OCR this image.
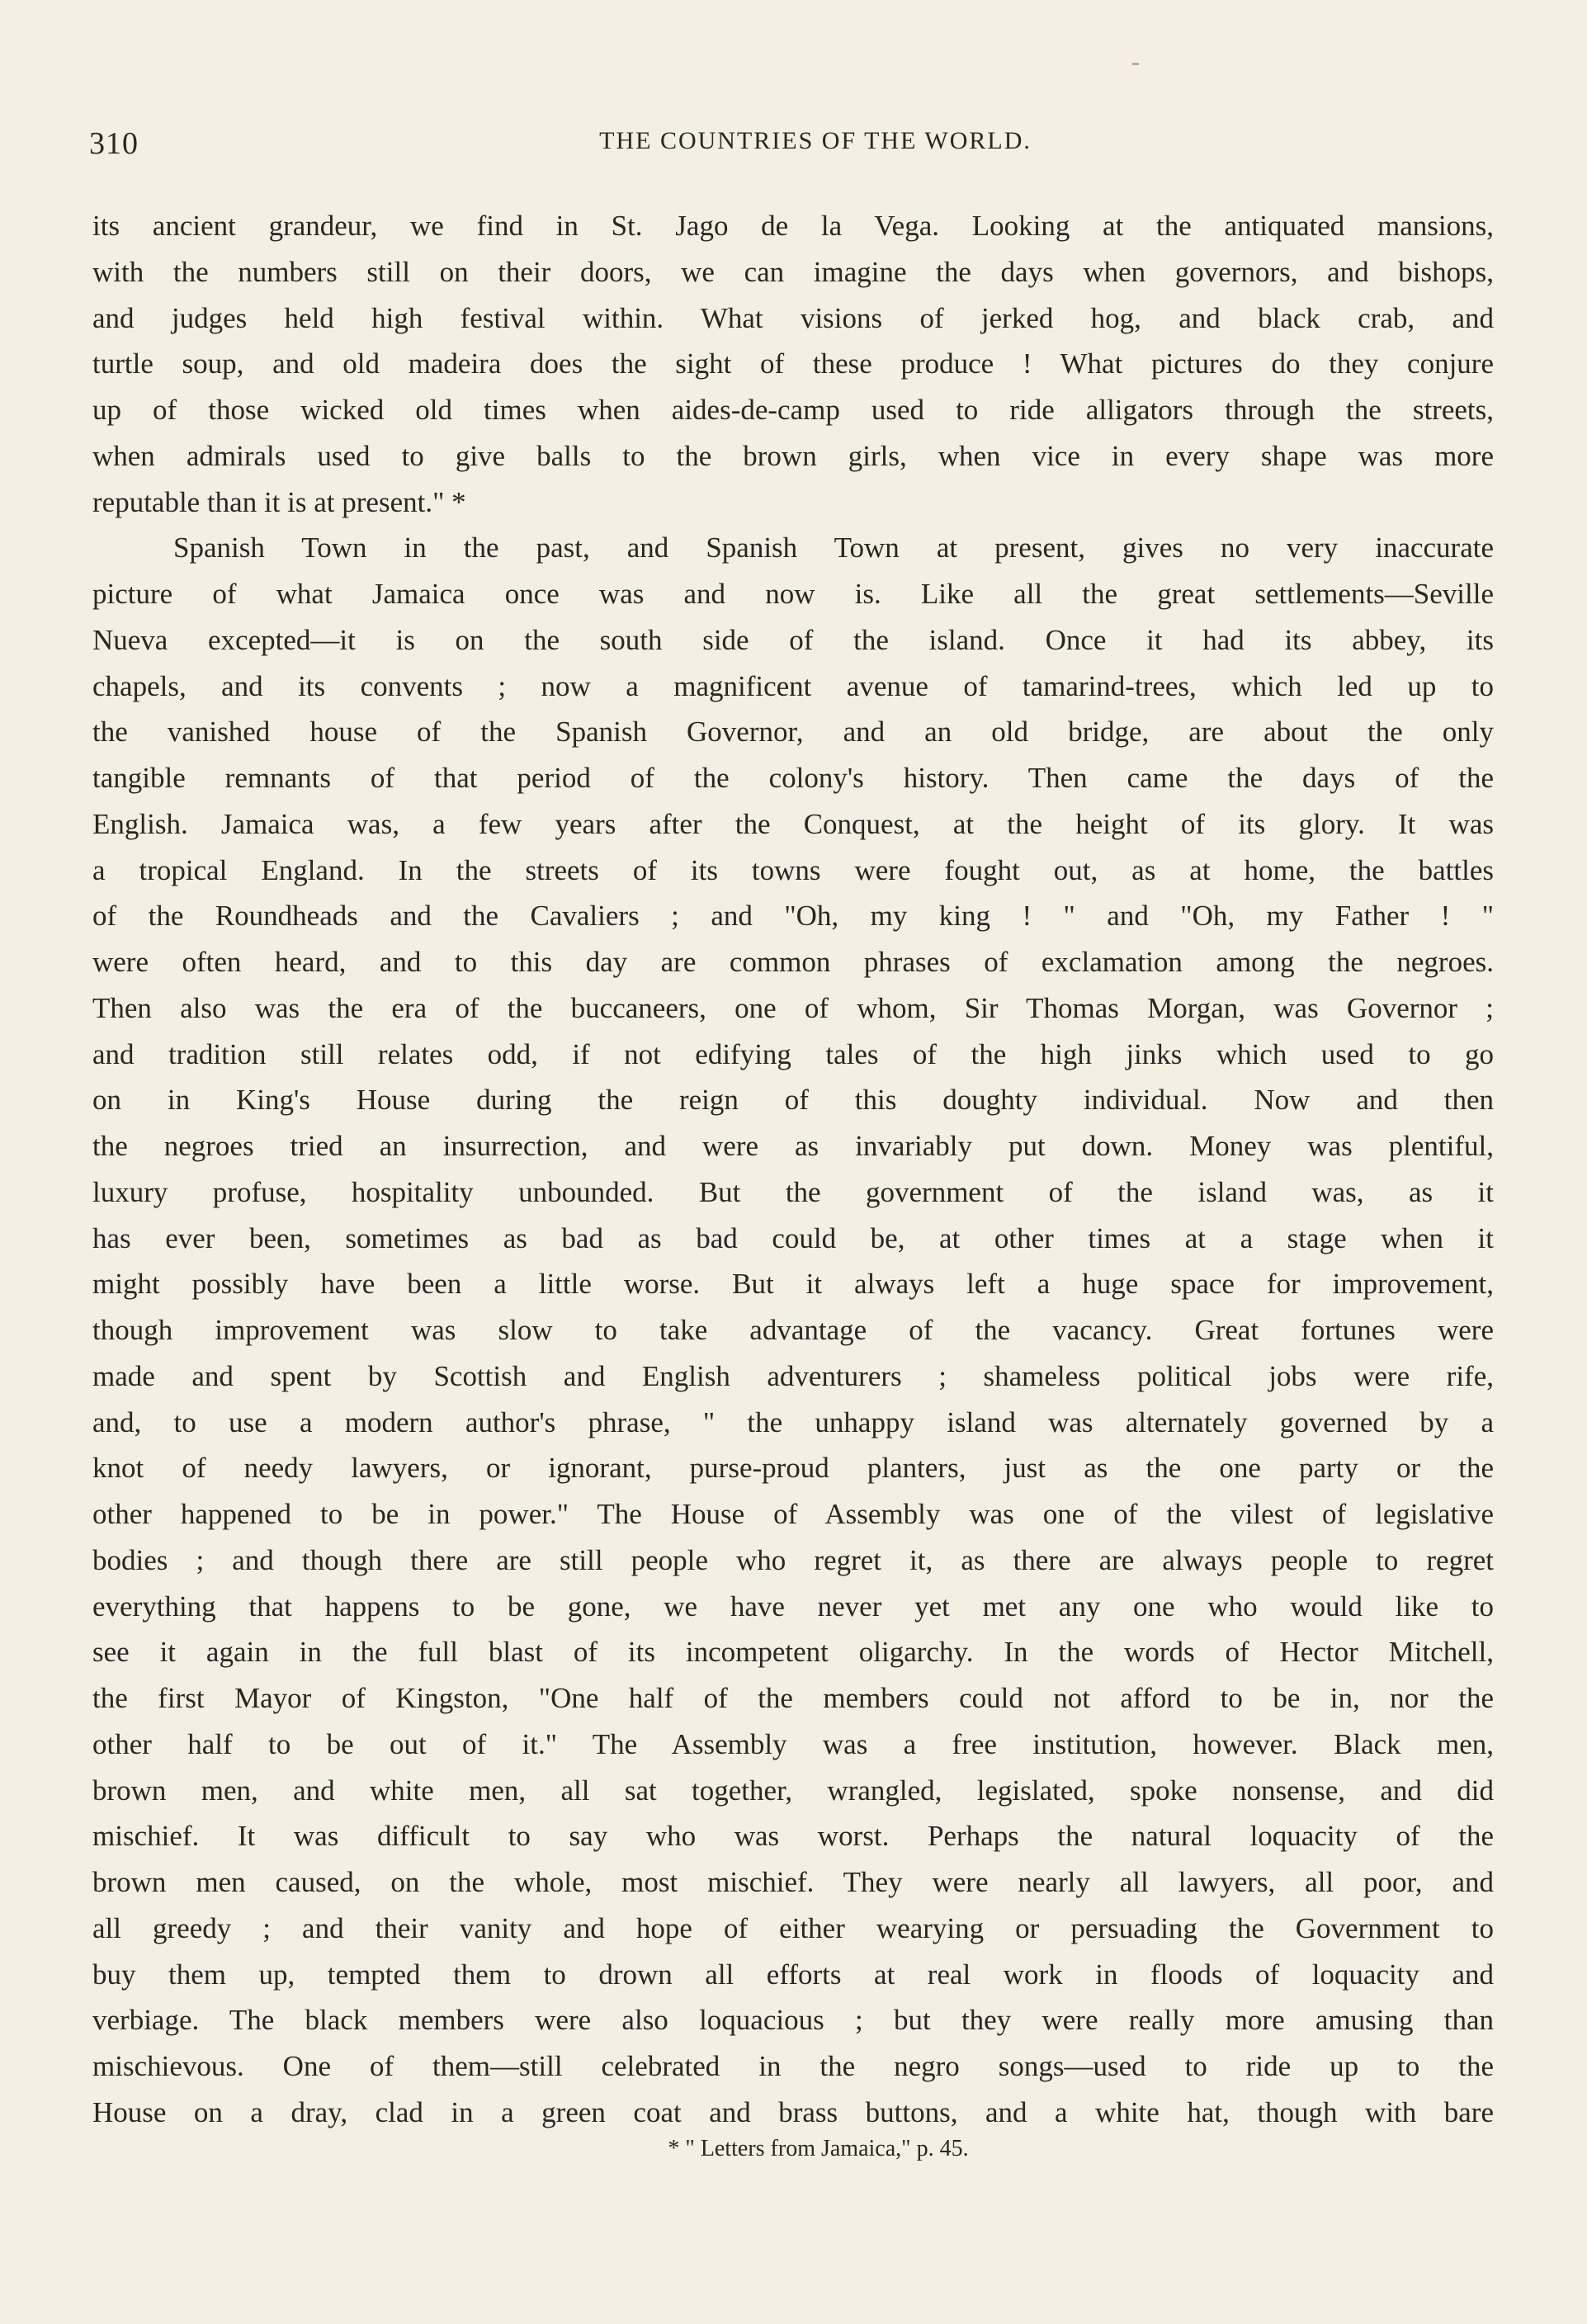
310	THE COUNTRIES OF THE WORLD.
its ancient grandeur, we find in St. Jago de la Vega. Looking at the antiquated mansions,
with the numbers still on their doors, we can imagine the days when governors, and bishops,
and judges held high festival within. What visions of jerked hog, and black crab, and
turtle soup, and old madeira does the sight of these produce ! What pictures do they conjure
up of those wicked old times when aides-de-camp used to ride alligators through the streets,
when admirals used to give balls to the brown girls, when vice in every shape was more
reputable than it is at present." *
Spanish Town in the past, and Spanish Town at present, gives no very inaccurate
picture of what Jamaica once was and now is. Like all the great settlements—Seville
Nueva excepted—it is on the south side of the island. Once it had its abbey, its
chapels, and its convents ; now a magnificent avenue of tamarind-trees, which led up to
the vanished house of the Spanish Governor, and an old bridge, are about the only
tangible remnants of that period of the colony's history. Then came the days of the
English. Jamaica was, a few years after the Conquest, at the height of its glory. It was
a tropical England. In the streets of its towns were fought out, as at home, the battles
of the Roundheads and the Cavaliers ; and "Oh, my king ! " and "Oh, my Father ! "
were often heard, and to this day are common phrases of exclamation among the negroes.
Then also was the era of the buccaneers, one of whom, Sir Thomas Morgan, was Governor ;
and tradition still relates odd, if not edifying tales of the high jinks which used to go
on in King's House during the reign of this doughty individual. Now and then
the negroes tried an insurrection, and were as invariably put down. Money was plentiful,
luxury profuse, hospitality unbounded. But the government of the island was, as it
has ever been, sometimes as bad as bad could be, at other times at a stage when it
might possibly have been a little worse. But it always left a huge space for improvement,
though improvement was slow to take advantage of the vacancy. Great fortunes were
made and spent by Scottish and English adventurers ; shameless political jobs were rife,
and, to use a modern author's phrase, " the unhappy island was alternately governed by a
knot of needy lawyers, or ignorant, purse-proud planters, just as the one party or the
other happened to be in power." The House of Assembly was one of the vilest of legislative
bodies ; and though there are still people who regret it, as there are always people to regret
everything that happens to be gone, we have never yet met any one who would like to
see it again in the full blast of its incompetent oligarchy. In the words of Hector Mitchell,
the first Mayor of Kingston, "One half of the members could not afford to be in, nor the
other half to be out of it." The Assembly was a free institution, however. Black men,
brown men, and white men, all sat together, wrangled, legislated, spoke nonsense, and did
mischief. It was difficult to say who was worst. Perhaps the natural loquacity of the
brown men caused, on the whole, most mischief. They were nearly all lawyers, all poor, and
all greedy ; and their vanity and hope of either wearying or persuading the Government to
buy them up, tempted them to drown all efforts at real work in floods of loquacity and
verbiage. The black members were also loquacious ; but they were really more amusing than
mischievous. One of them—still celebrated in the negro songs—used to ride up to the
House on a dray, clad in a green coat and brass buttons, and a white hat, though with bare
* " Letters from Jamaica," p. 45.
